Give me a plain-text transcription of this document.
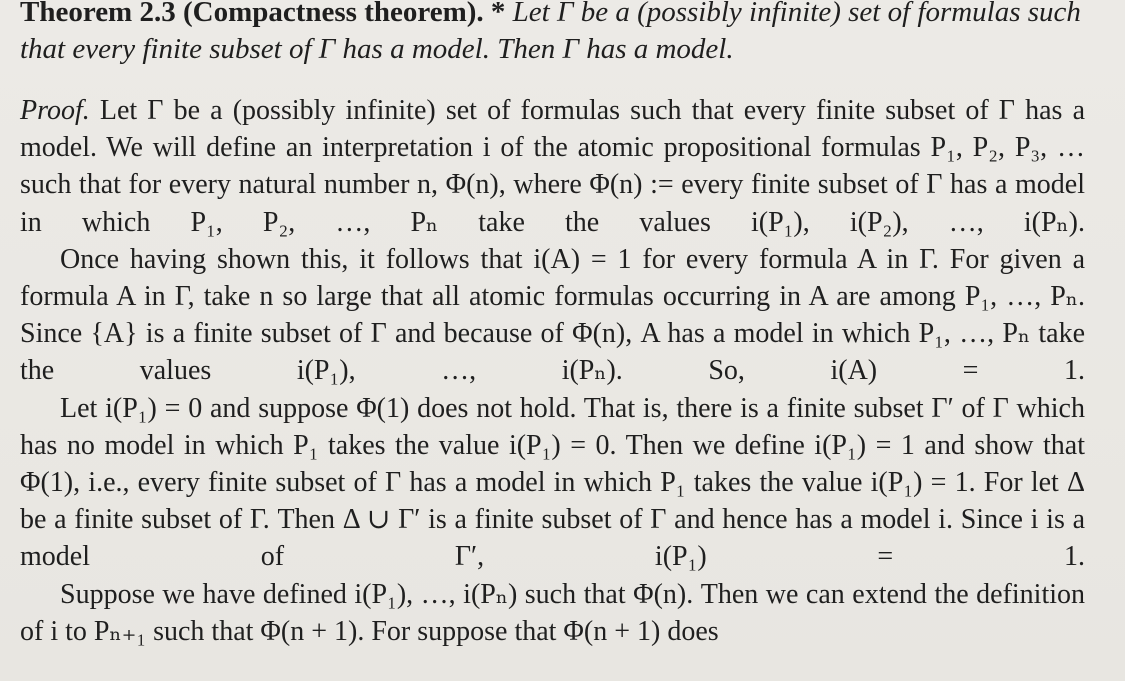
Theorem 2.3 (Compactness theorem). * Let Γ be a (possibly infinite) set of formulas such that every finite subset of Γ has a model. Then Γ has a model.

Proof. Let Γ be a (possibly infinite) set of formulas such that every finite subset of Γ has a model. We will define an interpretation i of the atomic propositional formulas P₁, P₂, P₃, … such that for every natural number n, Φ(n), where Φ(n) := every finite subset of Γ has a model in which P₁, P₂, …, Pₙ take the values i(P₁), i(P₂), …, i(Pₙ).

Once having shown this, it follows that i(A) = 1 for every formula A in Γ. For given a formula A in Γ, take n so large that all atomic formulas occurring in A are among P₁, …, Pₙ. Since {A} is a finite subset of Γ and because of Φ(n), A has a model in which P₁, …, Pₙ take the values i(P₁), …, i(Pₙ). So, i(A) = 1.

Let i(P₁) = 0 and suppose Φ(1) does not hold. That is, there is a finite subset Γ′ of Γ which has no model in which P₁ takes the value i(P₁) = 0. Then we define i(P₁) = 1 and show that Φ(1), i.e., every finite subset of Γ has a model in which P₁ takes the value i(P₁) = 1. For let Δ be a finite subset of Γ. Then Δ ∪ Γ′ is a finite subset of Γ and hence has a model i. Since i is a model of Γ′, i(P₁) = 1.

Suppose we have defined i(P₁), …, i(Pₙ) such that Φ(n). Then we can extend the definition of i to Pₙ₊₁ such that Φ(n + 1). For suppose that Φ(n + 1) does
